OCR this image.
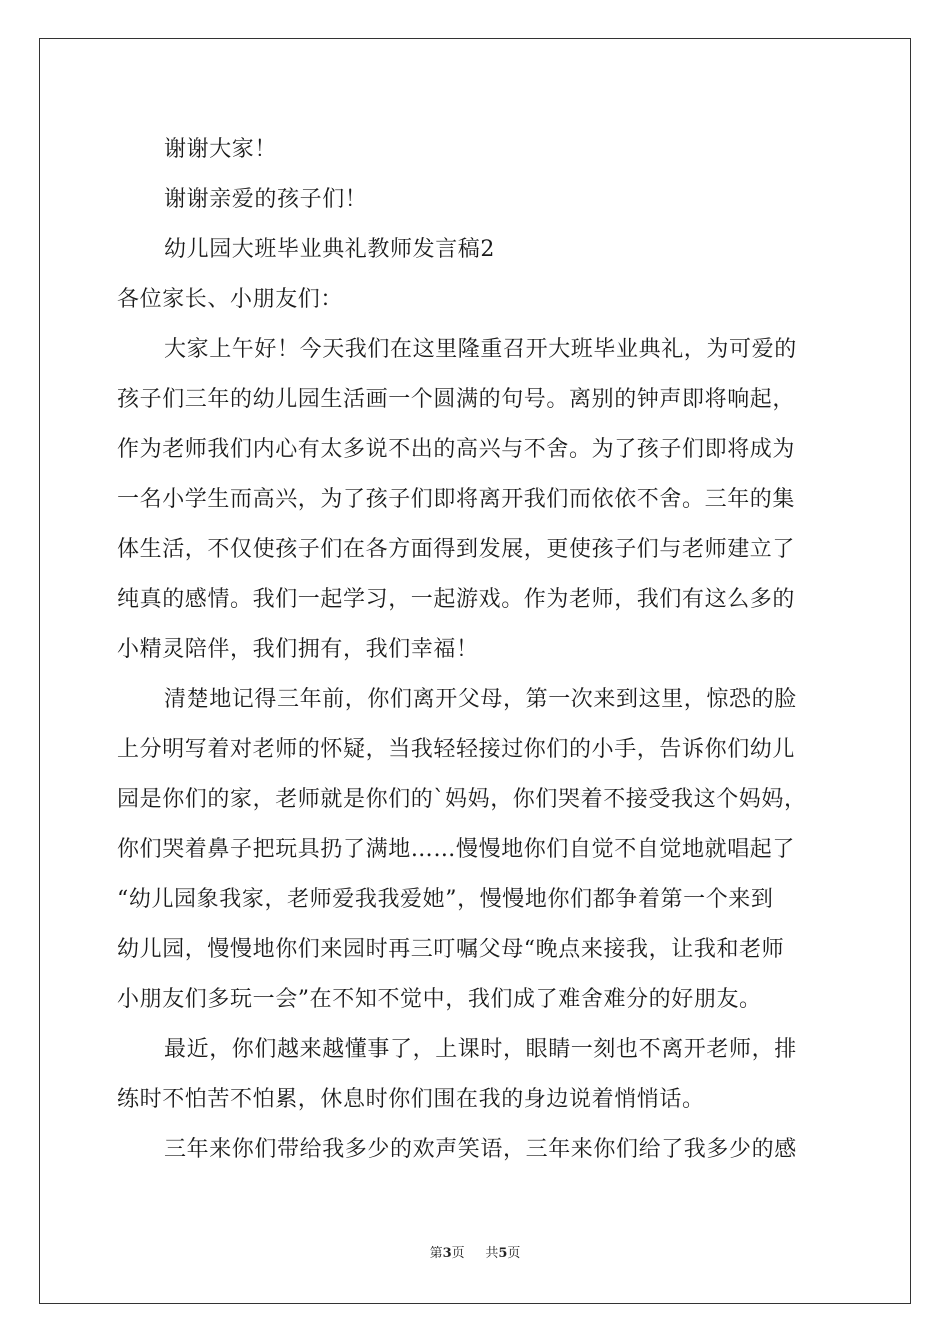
谢谢大家！
谢谢亲爱的孩子们！
幼儿园大班毕业典礼教师发言稿2
各位家长、小朋友们：
大家上午好！今天我们在这里隆重召开大班毕业典礼，为可爱的
孩子们三年的幼儿园生活画一个圆满的句号。离别的钟声即将响起，
作为老师我们内心有太多说不出的高兴与不舍。为了孩子们即将成为
一名小学生而高兴，为了孩子们即将离开我们而依依不舍。三年的集
体生活，不仅使孩子们在各方面得到发展，更使孩子们与老师建立了
纯真的感情。我们一起学习，一起游戏。作为老师，我们有这么多的
小精灵陪伴，我们拥有，我们幸福！
清楚地记得三年前，你们离开父母，第一次来到这里，惊恐的脸
上分明写着对老师的怀疑，当我轻轻接过你们的小手，告诉你们幼儿
园是你们的家，老师就是你们的`妈妈，你们哭着不接受我这个妈妈，
你们哭着鼻子把玩具扔了满地……慢慢地你们自觉不自觉地就唱起了
“幼儿园象我家，老师爱我我爱她”，慢慢地你们都争着第一个来到
幼儿园，慢慢地你们来园时再三叮嘱父母“晚点来接我，让我和老师
小朋友们多玩一会”在不知不觉中，我们成了难舍难分的好朋友。
最近，你们越来越懂事了，上课时，眼睛一刻也不离开老师，排
练时不怕苦不怕累，休息时你们围在我的身边说着悄悄话。
三年来你们带给我多少的欢声笑语，三年来你们给了我多少的感
第3页 共5页
